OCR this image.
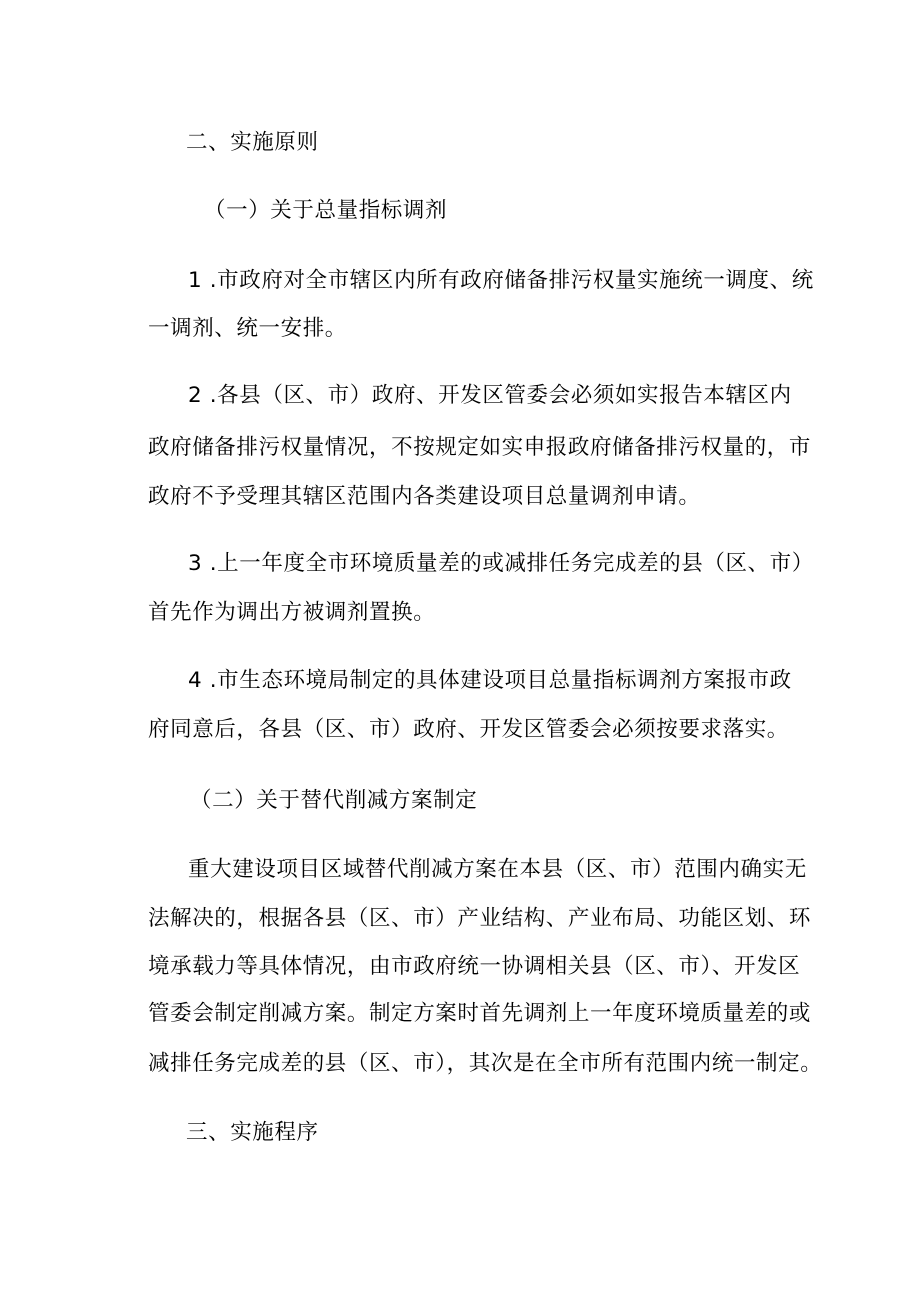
二、实施原则
（一）关于总量指标调剂
1 .市政府对全市辖区内所有政府储备排污权量实施统一调度、统
一调剂、统一安排。
2 .各县（区、市）政府、开发区管委会必须如实报告本辖区内
政府储备排污权量情况，不按规定如实申报政府储备排污权量的，市
政府不予受理其辖区范围内各类建设项目总量调剂申请。
3 .上一年度全市环境质量差的或减排任务完成差的县（区、市）
首先作为调出方被调剂置换。
4 .市生态环境局制定的具体建设项目总量指标调剂方案报市政
府同意后，各县（区、市）政府、开发区管委会必须按要求落实。
（二）关于替代削减方案制定
重大建设项目区域替代削减方案在本县（区、市）范围内确实无
法解决的，根据各县（区、市）产业结构、产业布局、功能区划、环
境承载力等具体情况，由市政府统一协调相关县（区、市）、开发区
管委会制定削减方案。制定方案时首先调剂上一年度环境质量差的或
减排任务完成差的县（区、市），其次是在全市所有范围内统一制定。
三、实施程序
